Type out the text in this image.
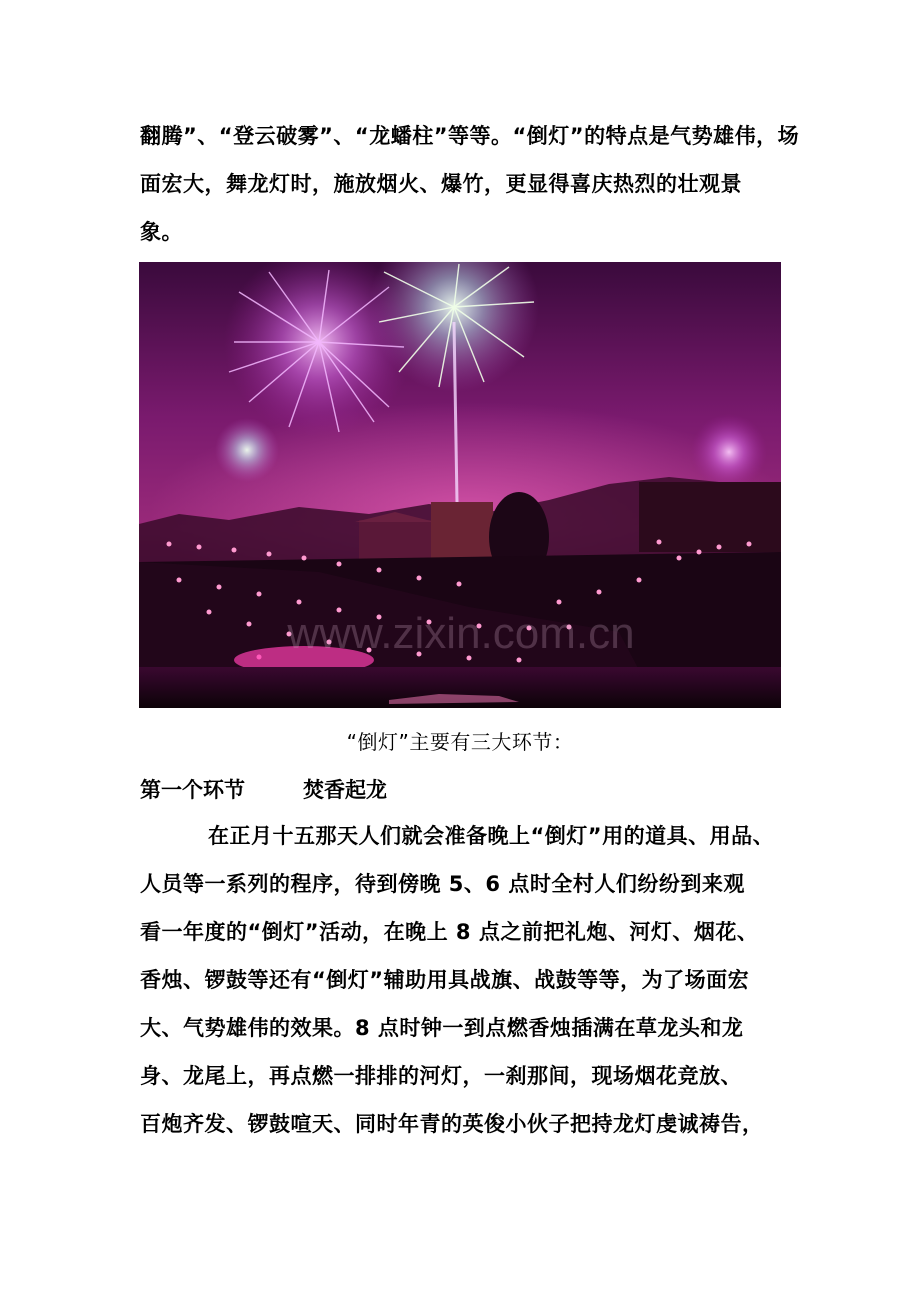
翻腾”、“登云破雾”、“龙蟠柱”等等。“倒灯”的特点是气势雄伟，场
面宏大，舞龙灯时，施放烟火、爆竹，更显得喜庆热烈的壮观景
象。
www.zixin.com.cn
“倒灯”主要有三大环节：
第一个环节	焚香起龙
在正月十五那天人们就会准备晚上“倒灯”用的道具、用品、
人员等一系列的程序，待到傍晚 5、6 点时全村人们纷纷到来观
看一年度的“倒灯”活动，在晚上 8 点之前把礼炮、河灯、烟花、
香烛、锣鼓等还有“倒灯”辅助用具战旗、战鼓等等，为了场面宏
大、气势雄伟的效果。8 点时钟一到点燃香烛插满在草龙头和龙
身、龙尾上，再点燃一排排的河灯，一刹那间，现场烟花竞放、
百炮齐发、锣鼓喧天、同时年青的英俊小伙子把持龙灯虔诚祷告，
